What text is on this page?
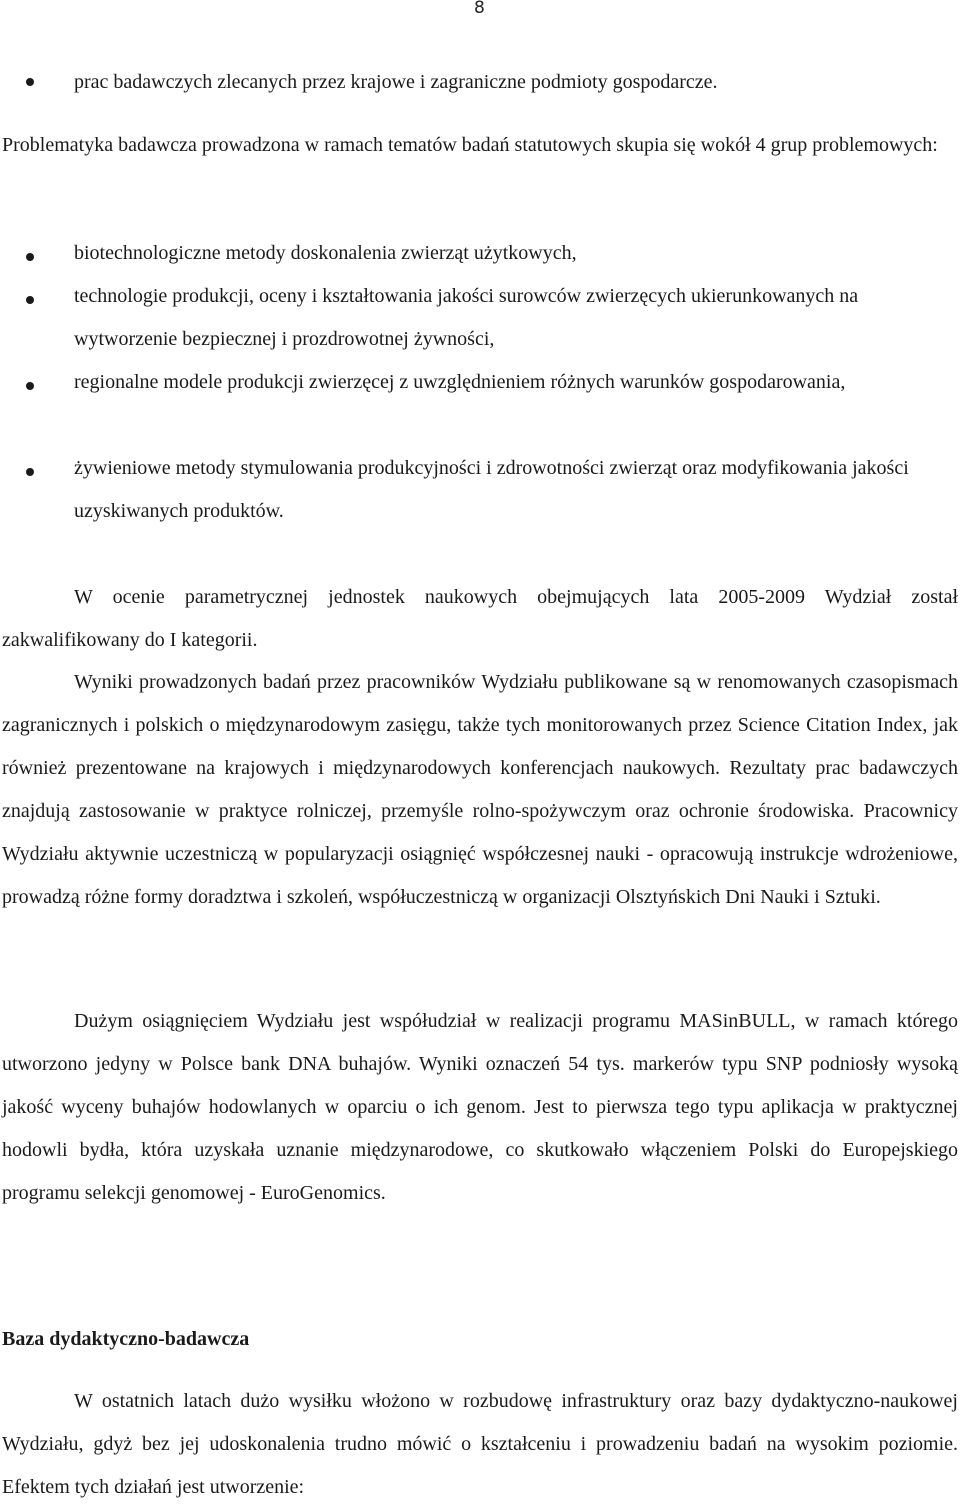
8
prac badawczych zlecanych przez krajowe i zagraniczne podmioty gospodarcze.
Problematyka badawcza prowadzona w ramach tematów badań statutowych skupia się wokół 4 grup problemowych:
biotechnologiczne metody doskonalenia zwierząt użytkowych,
technologie produkcji, oceny i kształtowania jakości surowców zwierzęcych ukierunkowanych na wytworzenie bezpiecznej i prozdrowotnej żywności,
regionalne modele produkcji zwierzęcej z uwzględnieniem różnych warunków gospodarowania,
żywieniowe metody stymulowania produkcyjności i zdrowotności zwierząt oraz modyfikowania jakości uzyskiwanych produktów.
W ocenie parametrycznej jednostek naukowych obejmujących lata 2005-2009 Wydział został zakwalifikowany do I kategorii.
Wyniki prowadzonych badań przez pracowników Wydziału publikowane są w renomowanych czasopismach zagranicznych i polskich o międzynarodowym zasięgu, także tych monitorowanych przez Science Citation Index, jak również prezentowane na krajowych i międzynarodowych konferencjach naukowych. Rezultaty prac badawczych znajdują zastosowanie w praktyce rolniczej, przemyśle rolno-spożywczym oraz ochronie środowiska. Pracownicy Wydziału aktywnie uczestniczą w popularyzacji osiągnięć współczesnej nauki - opracowują instrukcje wdrożeniowe, prowadzą różne formy doradztwa i szkoleń, współuczestniczą w organizacji Olsztyńskich Dni Nauki i Sztuki.
Dużym osiągnięciem Wydziału jest współudział w realizacji programu MASinBULL, w ramach którego utworzono jedyny w Polsce bank DNA buhajów. Wyniki oznaczeń 54 tys. markerów typu SNP podniosły wysoką jakość wyceny buhajów hodowlanych w oparciu o ich genom. Jest to pierwsza tego typu aplikacja w praktycznej hodowli bydła, która uzyskała uznanie międzynarodowe, co skutkowało włączeniem Polski do Europejskiego programu selekcji genomowej - EuroGenomics.
Baza dydaktyczno-badawcza
W ostatnich latach dużo wysiłku włożono w rozbudowę infrastruktury oraz bazy dydaktyczno-naukowej Wydziału, gdyż bez jej udoskonalenia trudno mówić o kształceniu i prowadzeniu badań na wysokim poziomie. Efektem tych działań jest utworzenie:
